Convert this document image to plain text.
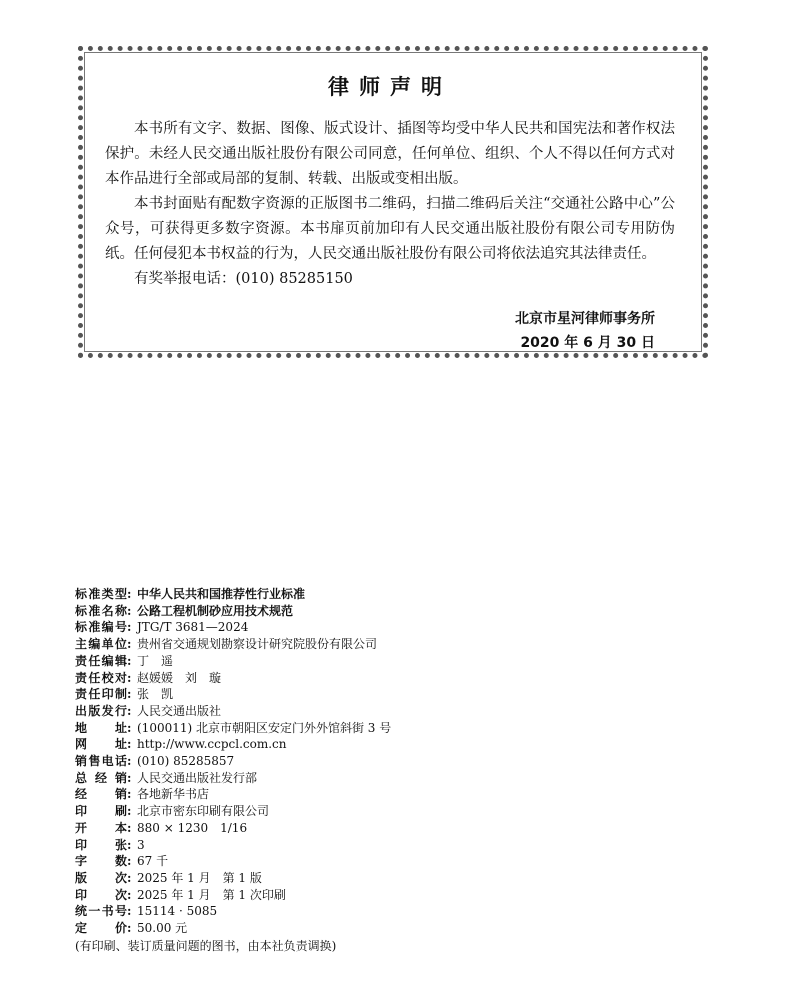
律师声明

本书所有文字、数据、图像、版式设计、插图等均受中华人民共和国宪法和著作权法保护。未经人民交通出版社股份有限公司同意，任何单位、组织、个人不得以任何方式对本作品进行全部或局部的复制、转载、出版或变相出版。

本书封面贴有配数字资源的正版图书二维码，扫描二维码后关注“交通社公路中心”公众号，可获得更多数字资源。本书扉页前加印有人民交通出版社股份有限公司专用防伪纸。任何侵犯本书权益的行为，人民交通出版社股份有限公司将依法追究其法律责任。

有奖举报电话：(010) 85285150

北京市星河律师事务所
2020 年 6 月 30 日
标准类型 : 中华人民共和国推荐性行业标准
标准名称 : 公路工程机制砂应用技术规范
标准编号 : JTG/T 3681—2024
主编单位 : 贵州省交通规划勘察设计研究院股份有限公司
责任编辑 : 丁　遥
责任校对 : 赵媛媛　刘　璇
责任印制 : 张　凯
出版发行 : 人民交通出版社
地址 : (100011) 北京市朝阳区安定门外外馆斜街 3 号
网址 : http://www.ccpcl.com.cn
销售电话 : (010) 85285857
总经销 : 人民交通出版社发行部
经销 : 各地新华书店
印刷 : 北京市密东印刷有限公司
开本 : 880 × 1230　1/16
印张 : 3
字数 : 67 千
版次 : 2025 年 1 月　第 1 版
印次 : 2025 年 1 月　第 1 次印刷
统一书号 : 15114 · 5085
定价 : 50.00 元
(有印刷、装订质量问题的图书，由本社负责调换)
